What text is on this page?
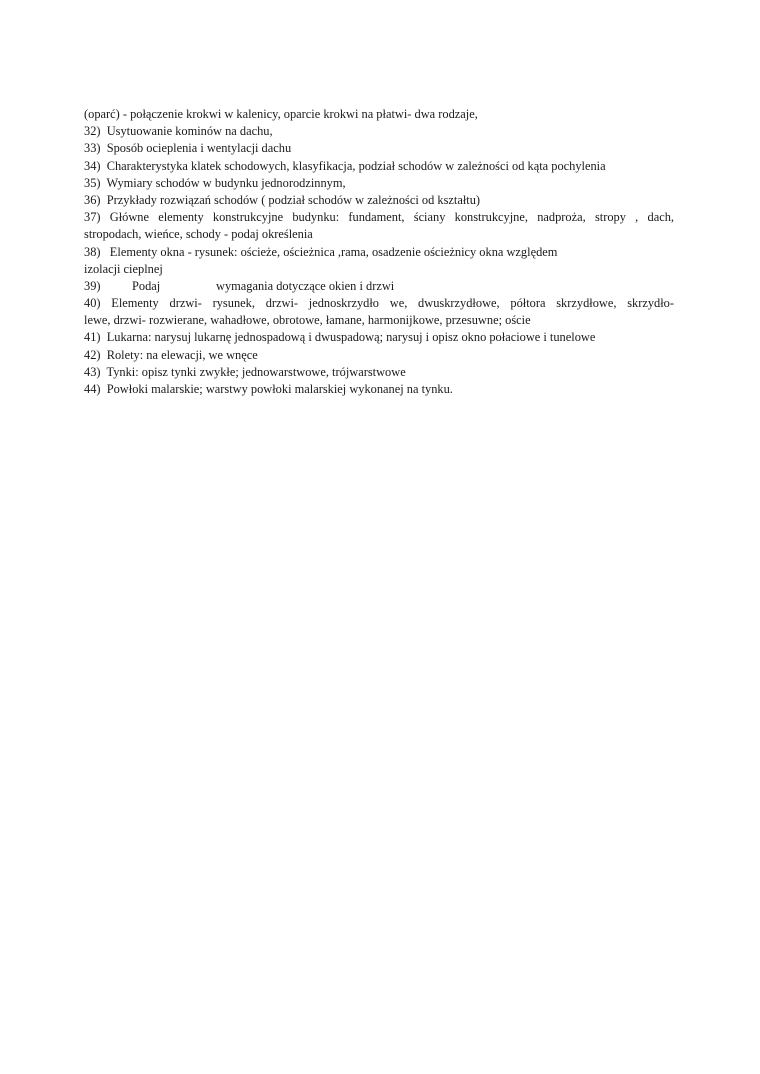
(oparć) - połączenie krokwi w kalenicy, oparcie krokwi na płatwi- dwa rodzaje,
32)  Usytuowanie kominów na dachu,
33)  Sposób ocieplenia i wentylacji dachu
34)  Charakterystyka klatek schodowych, klasyfikacja, podział schodów w zależności od kąta pochylenia
35)  Wymiary schodów w budynku jednorodzinnym,
36)  Przykłady rozwiązań schodów ( podział schodów w zależności od kształtu)
37) Główne elementy konstrukcyjne budynku: fundament, ściany konstrukcyjne, nadproża, stropy , dach,
stropodach, wieńce, schody - podaj określenia
38)   Elementy okna - rysunek: ościeże, ościeżnica ,rama, osadzenie ościeżnicy okna względem
izolacji cieplnej
39)	Podaj	wymagania dotyczące okien i drzwi
40) Elementy drzwi- rysunek, drzwi- jednoskrzydło we, dwuskrzydłowe, półtora skrzydłowe, skrzydło-
lewe, drzwi- rozwierane, wahadłowe, obrotowe, łamane, harmonijkowe, przesuwne; oście
41)  Lukarna: narysuj lukarnę jednospadową i dwuspadową; narysuj i opisz okno połaciowe i tunelowe
42)  Rolety: na elewacji, we wnęce
43)  Tynki: opisz tynki zwykłe; jednowarstwowe, trójwarstwowe
44)  Powłoki malarskie; warstwy powłoki malarskiej wykonanej na tynku.
